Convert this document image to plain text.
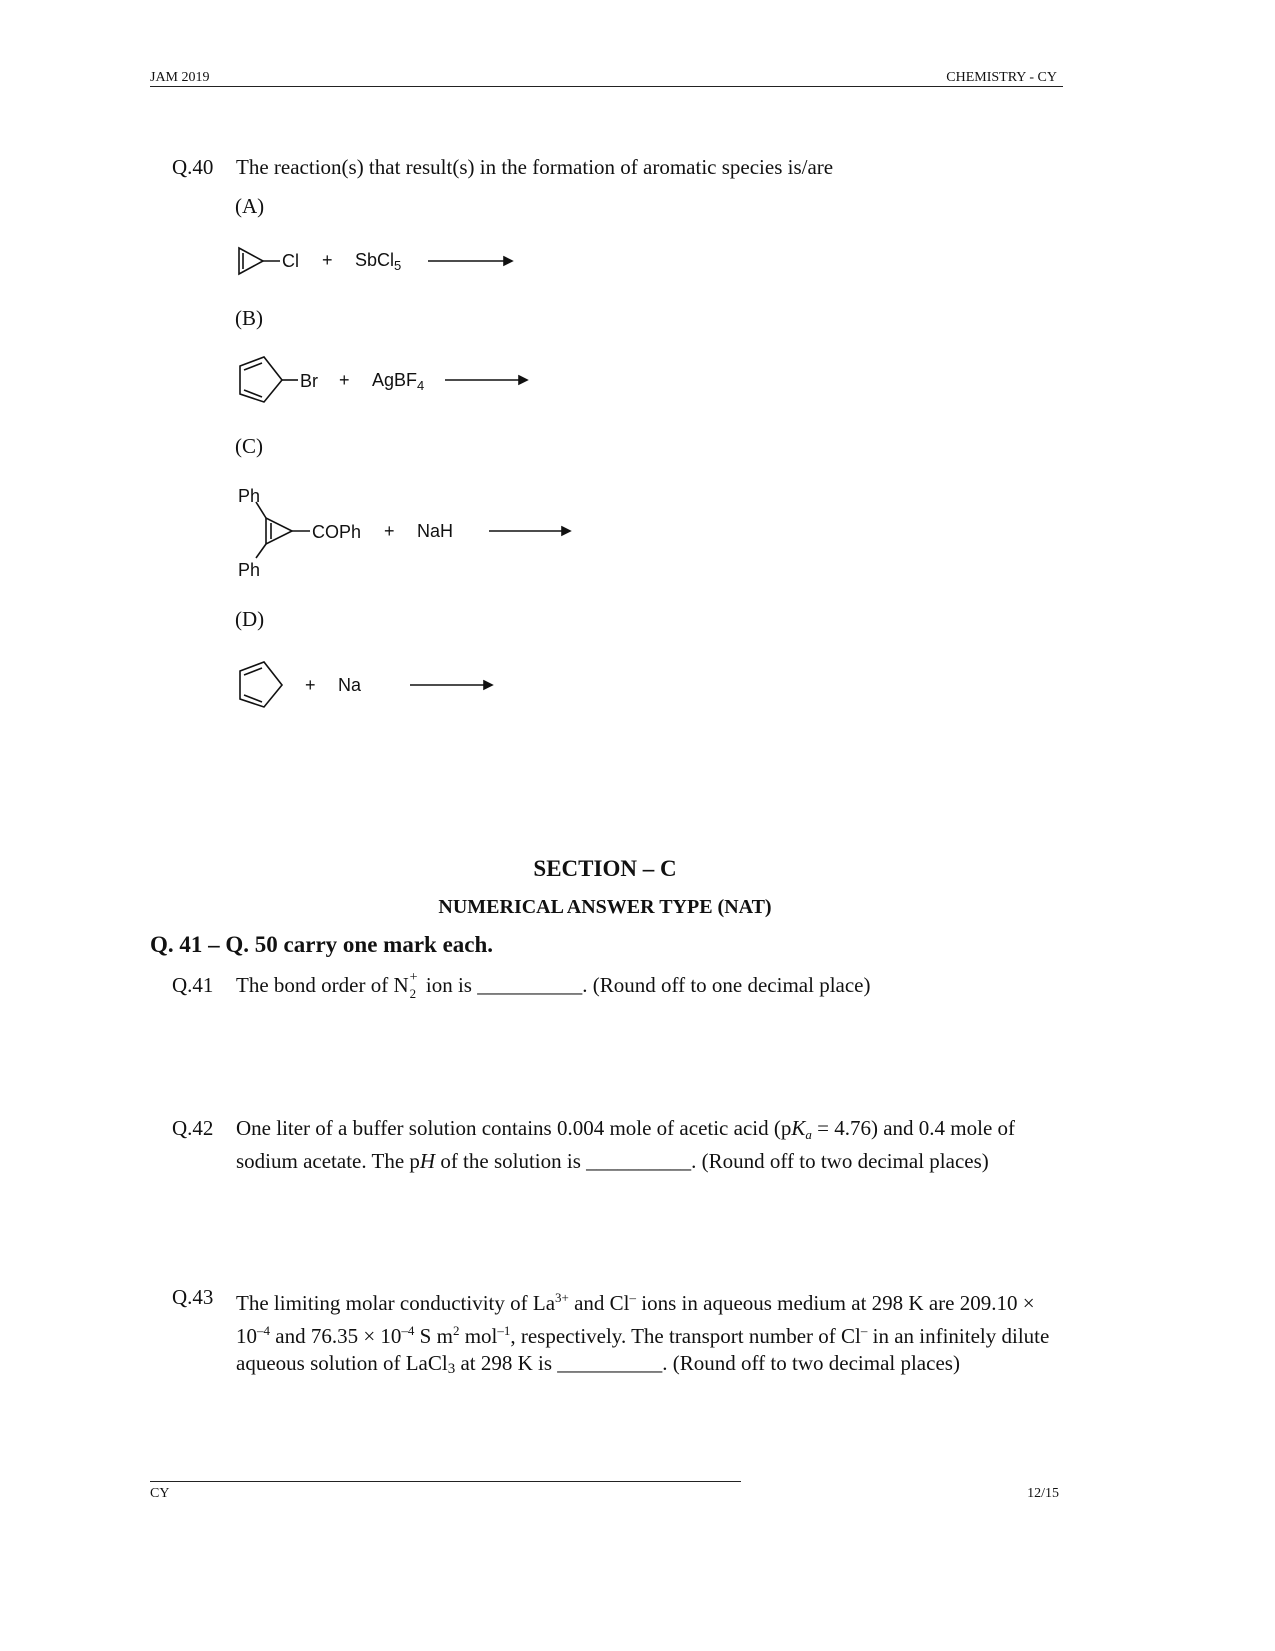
JAM 2019	CHEMISTRY - CY
Q.40 The reaction(s) that result(s) in the formation of aromatic species is/are
(A)
Cl + SbCl$_5$
(B)
Br + AgBF$_4$
(C)
Ph
Ph
COPh + NaH
(D)
+ Na
SECTION – C
NUMERICAL ANSWER TYPE (NAT)
Q. 41 – Q. 50 carry one mark each.
Q.41 The bond order of N +
2 ion is __________. (Round off to one decimal place)
Q.42 One liter of a buffer solution contains 0.004 mole of acetic acid $(pK_a = 4.76)$ and 0.4 mole of sodium acetate. The pH of the solution is __________. (Round off to two decimal places)
Q.43 The limiting molar conductivity of $La^{3+}$ and Cl– ions in aqueous medium at 298 K are $209.10 \times 10^{-4}$ and $76.35 \times 10^{-4}$ S $m^2$ mol$^{-1}$, respectively. The transport number of Cl– in an infinitely dilute aqueous solution of LaCl$_3$ at 298 K is __________. (Round off to two decimal places)
CY	12/15
